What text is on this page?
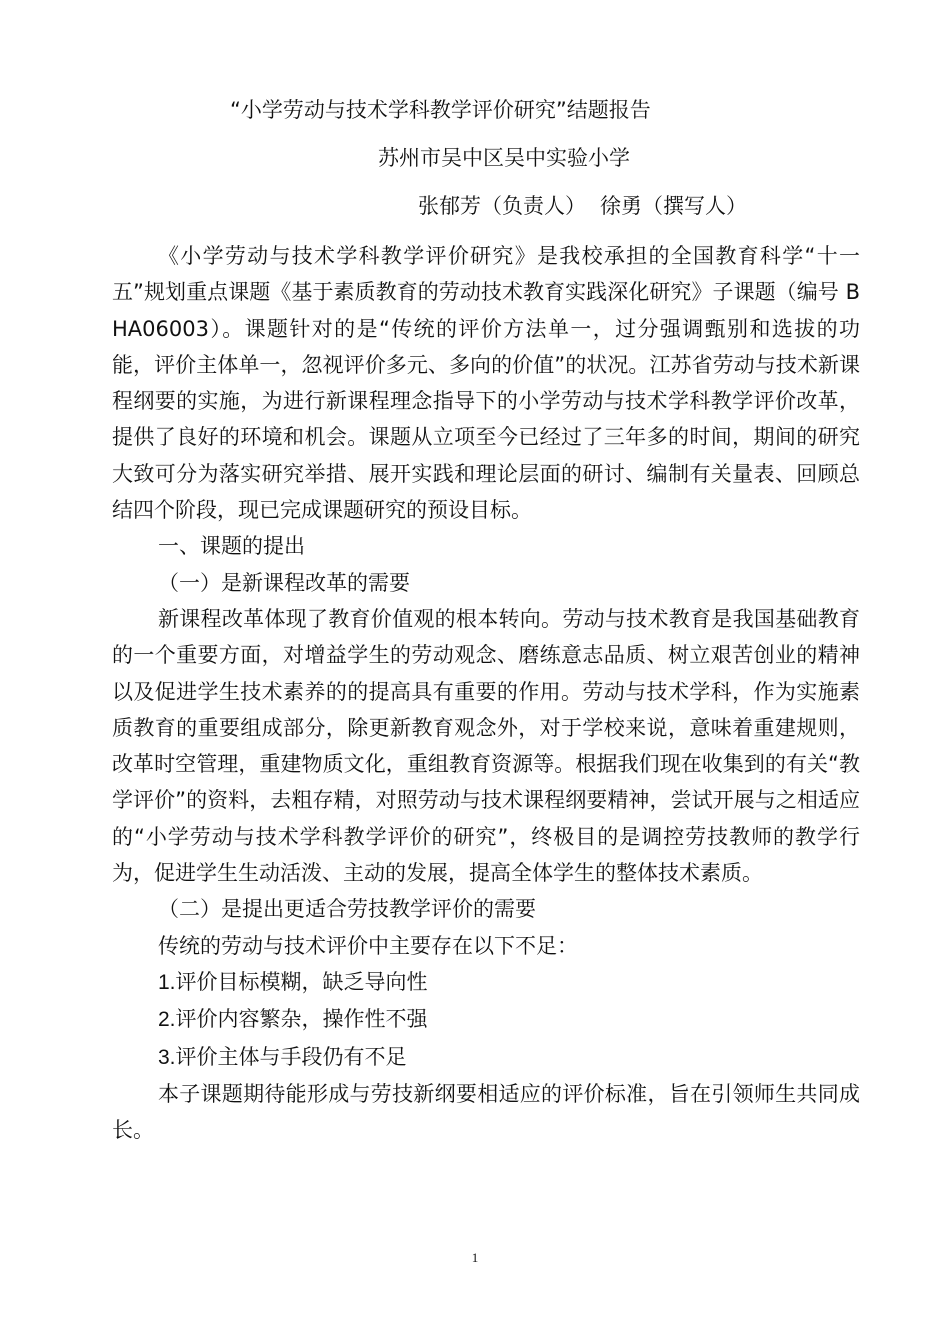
“小学劳动与技术学科教学评价研究”结题报告
苏州市吴中区吴中实验小学
张郁芳（负责人） 徐勇（撰写人）

《小学劳动与技术学科教学评价研究》是我校承担的全国教育科学“十一五”规划重点课题《基于素质教育的劳动技术教育实践深化研究》子课题（编号 BHA06003）。课题针对的是“传统的评价方法单一，过分强调甄别和选拔的功能，评价主体单一，忽视评价多元、多向的价值”的状况。江苏省劳动与技术新课程纲要的实施，为进行新课程理念指导下的小学劳动与技术学科教学评价改革，提供了良好的环境和机会。课题从立项至今已经过了三年多的时间，期间的研究大致可分为落实研究举措、展开实践和理论层面的研讨、编制有关量表、回顾总结四个阶段，现已完成课题研究的预设目标。

一、课题的提出

（一）是新课程改革的需要

新课程改革体现了教育价值观的根本转向。劳动与技术教育是我国基础教育的一个重要方面，对增益学生的劳动观念、磨练意志品质、树立艰苦创业的精神以及促进学生技术素养的的提高具有重要的作用。劳动与技术学科，作为实施素质教育的重要组成部分，除更新教育观念外，对于学校来说，意味着重建规则，改革时空管理，重建物质文化，重组教育资源等。根据我们现在收集到的有关“教学评价”的资料，去粗存精，对照劳动与技术课程纲要精神，尝试开展与之相适应的“小学劳动与技术学科教学评价的研究”，终极目的是调控劳技教师的教学行为，促进学生生动活泼、主动的发展，提高全体学生的整体技术素质。

（二）是提出更适合劳技教学评价的需要

传统的劳动与技术评价中主要存在以下不足：

1.评价目标模糊，缺乏导向性

2.评价内容繁杂，操作性不强

3.评价主体与手段仍有不足

本子课题期待能形成与劳技新纲要相适应的评价标准，旨在引领师生共同成长。

1
